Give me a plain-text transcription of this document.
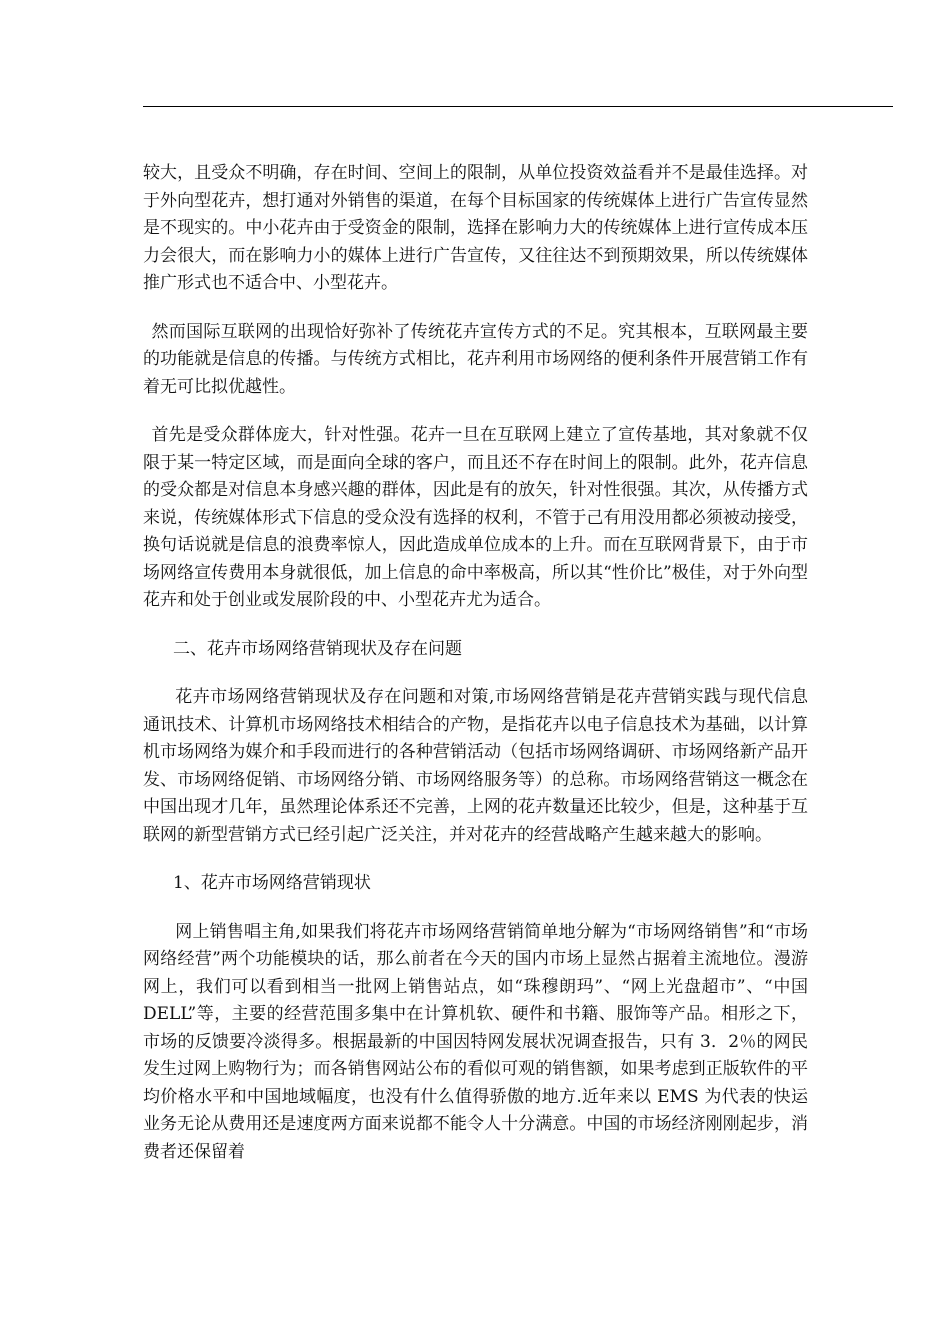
较大，且受众不明确，存在时间、空间上的限制，从单位投资效益看并不是最佳选择。对于外向型花卉，想打通对外销售的渠道，在每个目标国家的传统媒体上进行广告宣传显然是不现实的。中小花卉由于受资金的限制，选择在影响力大的传统媒体上进行宣传成本压力会很大，而在影响力小的媒体上进行广告宣传，又往往达不到预期效果，所以传统媒体推广形式也不适合中、小型花卉。

然而国际互联网的出现恰好弥补了传统花卉宣传方式的不足。究其根本，互联网最主要的功能就是信息的传播。与传统方式相比，花卉利用市场网络的便利条件开展营销工作有着无可比拟优越性。

首先是受众群体庞大，针对性强。花卉一旦在互联网上建立了宣传基地，其对象就不仅限于某一特定区域，而是面向全球的客户，而且还不存在时间上的限制。此外，花卉信息的受众都是对信息本身感兴趣的群体，因此是有的放矢，针对性很强。其次，从传播方式来说，传统媒体形式下信息的受众没有选择的权利，不管于己有用没用都必须被动接受，换句话说就是信息的浪费率惊人，因此造成单位成本的上升。而在互联网背景下，由于市场网络宣传费用本身就很低，加上信息的命中率极高，所以其“性价比”极佳，对于外向型花卉和处于创业或发展阶段的中、小型花卉尤为适合。

二、花卉市场网络营销现状及存在问题

花卉市场网络营销现状及存在问题和对策,市场网络营销是花卉营销实践与现代信息通讯技术、计算机市场网络技术相结合的产物，是指花卉以电子信息技术为基础，以计算机市场网络为媒介和手段而进行的各种营销活动（包括市场网络调研、市场网络新产品开发、市场网络促销、市场网络分销、市场网络服务等）的总称。市场网络营销这一概念在中国出现才几年，虽然理论体系还不完善，上网的花卉数量还比较少，但是，这种基于互联网的新型营销方式已经引起广泛关注，并对花卉的经营战略产生越来越大的影响。

1、花卉市场网络营销现状

网上销售唱主角,如果我们将花卉市场网络营销简单地分解为“市场网络销售”和“市场网络经营”两个功能模块的话，那么前者在今天的国内市场上显然占据着主流地位。漫游网上，我们可以看到相当一批网上销售站点，如“珠穆朗玛”、“网上光盘超市”、“中国 DELL”等，主要的经营范围多集中在计算机软、硬件和书籍、服饰等产品。相形之下，市场的反馈要冷淡得多。根据最新的中国因特网发展状况调查报告，只有 3．2％的网民发生过网上购物行为；而各销售网站公布的看似可观的销售额，如果考虑到正版软件的平均价格水平和中国地域幅度，也没有什么值得骄傲的地方.近年来以 EMS 为代表的快运业务无论从费用还是速度两方面来说都不能令人十分满意。中国的市场经济刚刚起步，消费者还保留着
